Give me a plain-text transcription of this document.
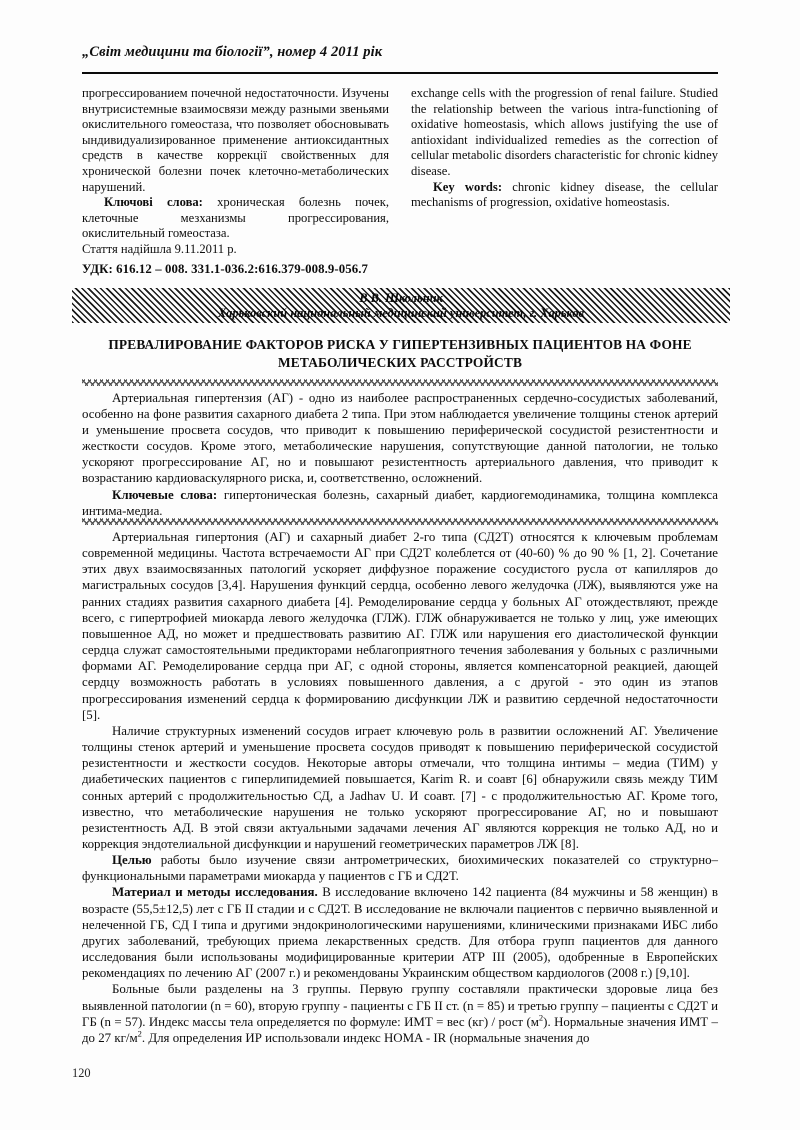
„Світ медицини та біології”, номер 4 2011 рік

прогрессированием почечной недостаточности. Изучены внутрисистемные взаимосвязи между разными звеньями окислительного гомеостаза, что позволяет обосновывать ындивидуализированное применение антиоксидантных средств в качестве коррекції свойственных для хронической болезни почек клеточно-метаболических нарушений.

Ключові слова: хроническая болезнь почек, клеточные мезханизмы прогрессирования, окислительный гомеостаза.

Стаття надійшла 9.11.2011 р.

exchange cells with the progression of renal failure. Studied the relationship between the various intra-functioning of oxidative homeostasis, which allows justifying the use of antioxidant individualized remedies as the correction of cellular metabolic disorders characteristic for chronic kidney disease.

Key words: chronic kidney disease, the cellular mechanisms of progression, oxidative homeostasis.

УДК: 616.12 – 008. 331.1-036.2:616.379-008.9-056.7
В.В. Школьник
Харьковский национальный медицинский университет, г. Харьков
ПРЕВАЛИРОВАНИЕ ФАКТОРОВ РИСКА У ГИПЕРТЕНЗИВНЫХ ПАЦИЕНТОВ НА ФОНЕ МЕТАБОЛИЧЕСКИХ РАССТРОЙСТВ

Артериальная гипертензия (АГ) - одно из наиболее распространенных сердечно-сосудистых заболеваний, особенно на фоне развития сахарного диабета 2 типа. При этом наблюдается увеличение толщины стенок артерий и уменьшение просвета сосудов, что приводит к повышению периферической сосудистой резистентности и жесткости сосудов. Кроме этого, метаболические нарушения, сопутствующие данной патологии, не только ускоряют прогрессирование АГ, но и повышают резистентность артериального давления, что приводит к возрастанию кардиоваскулярного риска, и, соответственно, осложнений.

Ключевые слова: гипертоническая болезнь, сахарный диабет, кардиогемодинамика, толщина комплекса интима-медиа.

Артериальная гипертония (АГ) и сахарный диабет 2-го типа (СД2Т) относятся к ключевым проблемам современной медицины. Частота встречаемости АГ при СД2Т колеблется от (40-60) % до 90 % [1, 2]. Сочетание этих двух взаимосвязанных патологий ускоряет диффузное поражение сосудистого русла от капилляров до магистральных сосудов [3,4]. Нарушения функций сердца, особенно левого желудочка (ЛЖ), выявляются уже на ранних стадиях развития сахарного диабета [4]. Ремоделирование сердца у больных АГ отождествляют, прежде всего, с гипертрофией миокарда левого желудочка (ГЛЖ). ГЛЖ обнаруживается не только у лиц, уже имеющих повышенное АД, но может и предшествовать развитию АГ. ГЛЖ или нарушения его диастолической функции сердца служат самостоятельными предикторами неблагоприятного течения заболевания у больных с различными формами АГ. Ремоделирование сердца при АГ, с одной стороны, является компенсаторной реакцией, дающей сердцу возможность работать в условиях повышенного давления, а с другой - это один из этапов прогрессирования изменений сердца к формированию дисфункции ЛЖ и развитию сердечной недостаточности [5].

Наличие структурных изменений сосудов играет ключевую роль в развитии осложнений АГ. Увеличение толщины стенок артерий и уменьшение просвета сосудов приводят к повышению периферической сосудистой резистентности и жесткости сосудов. Некоторые авторы отмечали, что толщина интимы – медиа (ТИМ) у диабетических пациентов с гиперлипидемией повышается, Karim R. и соавт [6] обнаружили связь между ТИМ сонных артерий с продолжительностью СД, a Jadhav U. И соавт. [7] - с продолжительностью АГ. Кроме того, известно, что метаболические нарушения не только ускоряют прогрессирование АГ, но и повышают резистентность АД. В этой связи актуальными задачами лечения АГ являются коррекция не только АД, но и коррекция эндотелиальной дисфункции и нарушений геометрических параметров ЛЖ [8].

Целью работы было изучение связи антрометрических, биохимических показателей со структурно–функциональными параметрами миокарда у пациентов с ГБ и СД2Т.

Материал и методы исследования. В исследование включено 142 пациента (84 мужчины и 58 женщин) в возрасте (55,5±12,5) лет с ГБ II стадии и с СД2Т. В исследование не включали пациентов с первично выявленной и нелеченной ГБ, СД I типа и другими эндокринологическими нарушениями, клиническими признаками ИБС либо других заболеваний, требующих приема лекарственных средств. Для отбора групп пациентов для данного исследования были использованы модифицированные критерии ATP III (2005), одобренные в Европейских рекомендациях по лечению АГ (2007 г.) и рекомендованы Украинским обществом кардиологов (2008 г.) [9,10].

Больные были разделены на 3 группы. Первую группу составляли практически здоровые лица без выявленной патологии (n = 60), вторую группу - пациенты с ГБ II ст. (n = 85) и третью группу – пациенты с СД2Т и ГБ (n = 57). Индекс массы тела определяется по формуле: ИМТ = вес (кг) / рост $(м^2)$. Нормальные значения ИМТ – до 27 $кг/м^2$. Для определения ИР использовали индекс HOMA - IR (нормальные значения до

120
